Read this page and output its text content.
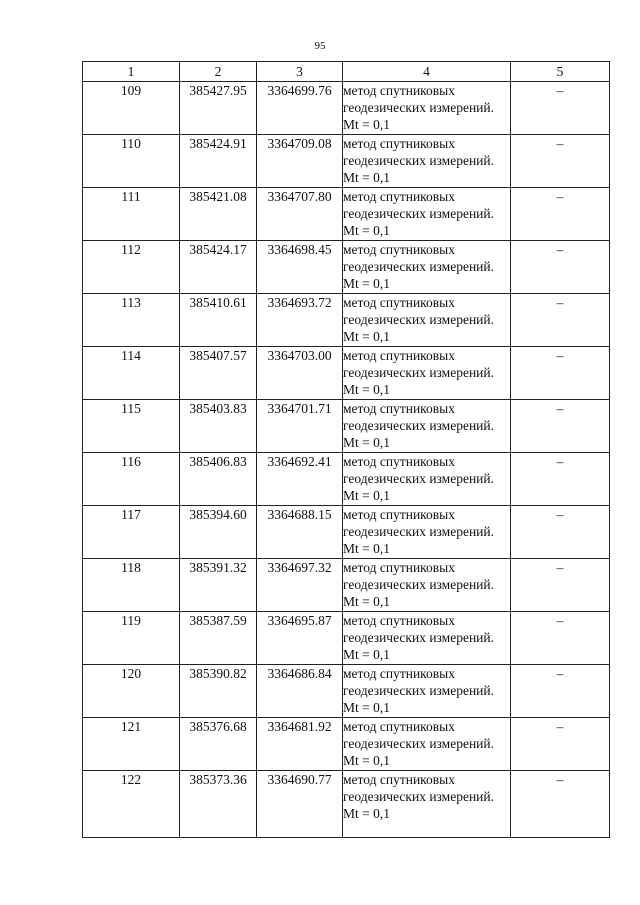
95
1	2	3	4	5
109	385427.95	3364699.76	метод спутниковых геодезических измерений. Mt = 0,1	–
110	385424.91	3364709.08	метод спутниковых геодезических измерений. Mt = 0,1	–
111	385421.08	3364707.80	метод спутниковых геодезических измерений. Mt = 0,1	–
112	385424.17	3364698.45	метод спутниковых геодезических измерений. Mt = 0,1	–
113	385410.61	3364693.72	метод спутниковых геодезических измерений. Mt = 0,1	–
114	385407.57	3364703.00	метод спутниковых геодезических измерений. Mt = 0,1	–
115	385403.83	3364701.71	метод спутниковых геодезических измерений. Mt = 0,1	–
116	385406.83	3364692.41	метод спутниковых геодезических измерений. Mt = 0,1	–
117	385394.60	3364688.15	метод спутниковых геодезических измерений. Mt = 0,1	–
118	385391.32	3364697.32	метод спутниковых геодезических измерений. Mt = 0,1	–
119	385387.59	3364695.87	метод спутниковых геодезических измерений. Mt = 0,1	–
120	385390.82	3364686.84	метод спутниковых геодезических измерений. Mt = 0,1	–
121	385376.68	3364681.92	метод спутниковых геодезических измерений. Mt = 0,1	–
122	385373.36	3364690.77	метод спутниковых геодезических измерений. Mt = 0,1	–
